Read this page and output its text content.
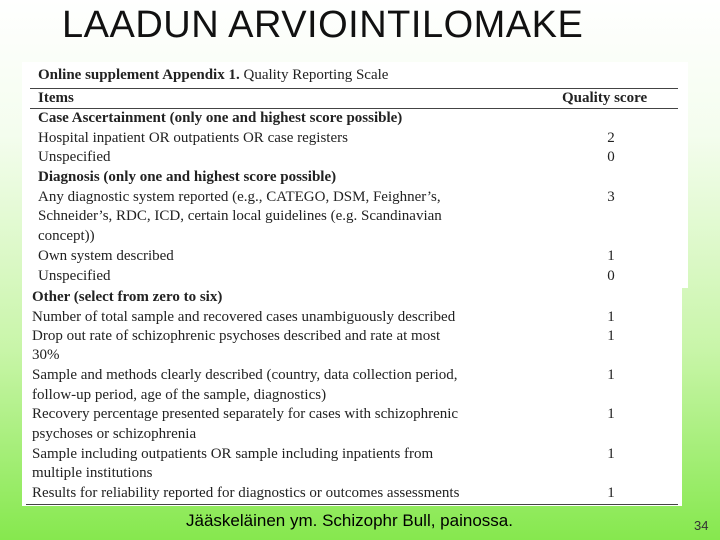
LAADUN ARVIOINTILOMAKE
Online supplement Appendix 1. Quality Reporting Scale
Items	Quality score
Case Ascertainment (only one and highest score possible)
Hospital inpatient OR outpatients OR case registers	2
Unspecified	0
Diagnosis (only one and highest score possible)
Any diagnostic system reported (e.g., CATEGO, DSM, Feighner’s,	3
Schneider’s, RDC, ICD, certain local guidelines (e.g. Scandinavian
concept))
Own system described	1
Unspecified	0
Other (select from zero to six)
Number of total sample and recovered cases unambiguously described	1
Drop out rate of schizophrenic psychoses described and rate at most	1
30%
Sample and methods clearly described (country, data collection period,	1
follow-up period, age of the sample, diagnostics)
Recovery percentage presented separately for cases with schizophrenic	1
psychoses or schizophrenia
Sample including outpatients OR sample including inpatients from	1
multiple institutions
Results for reliability reported for diagnostics or outcomes assessments	1
Jääskeläinen ym. Schizophr Bull, painossa.	34
